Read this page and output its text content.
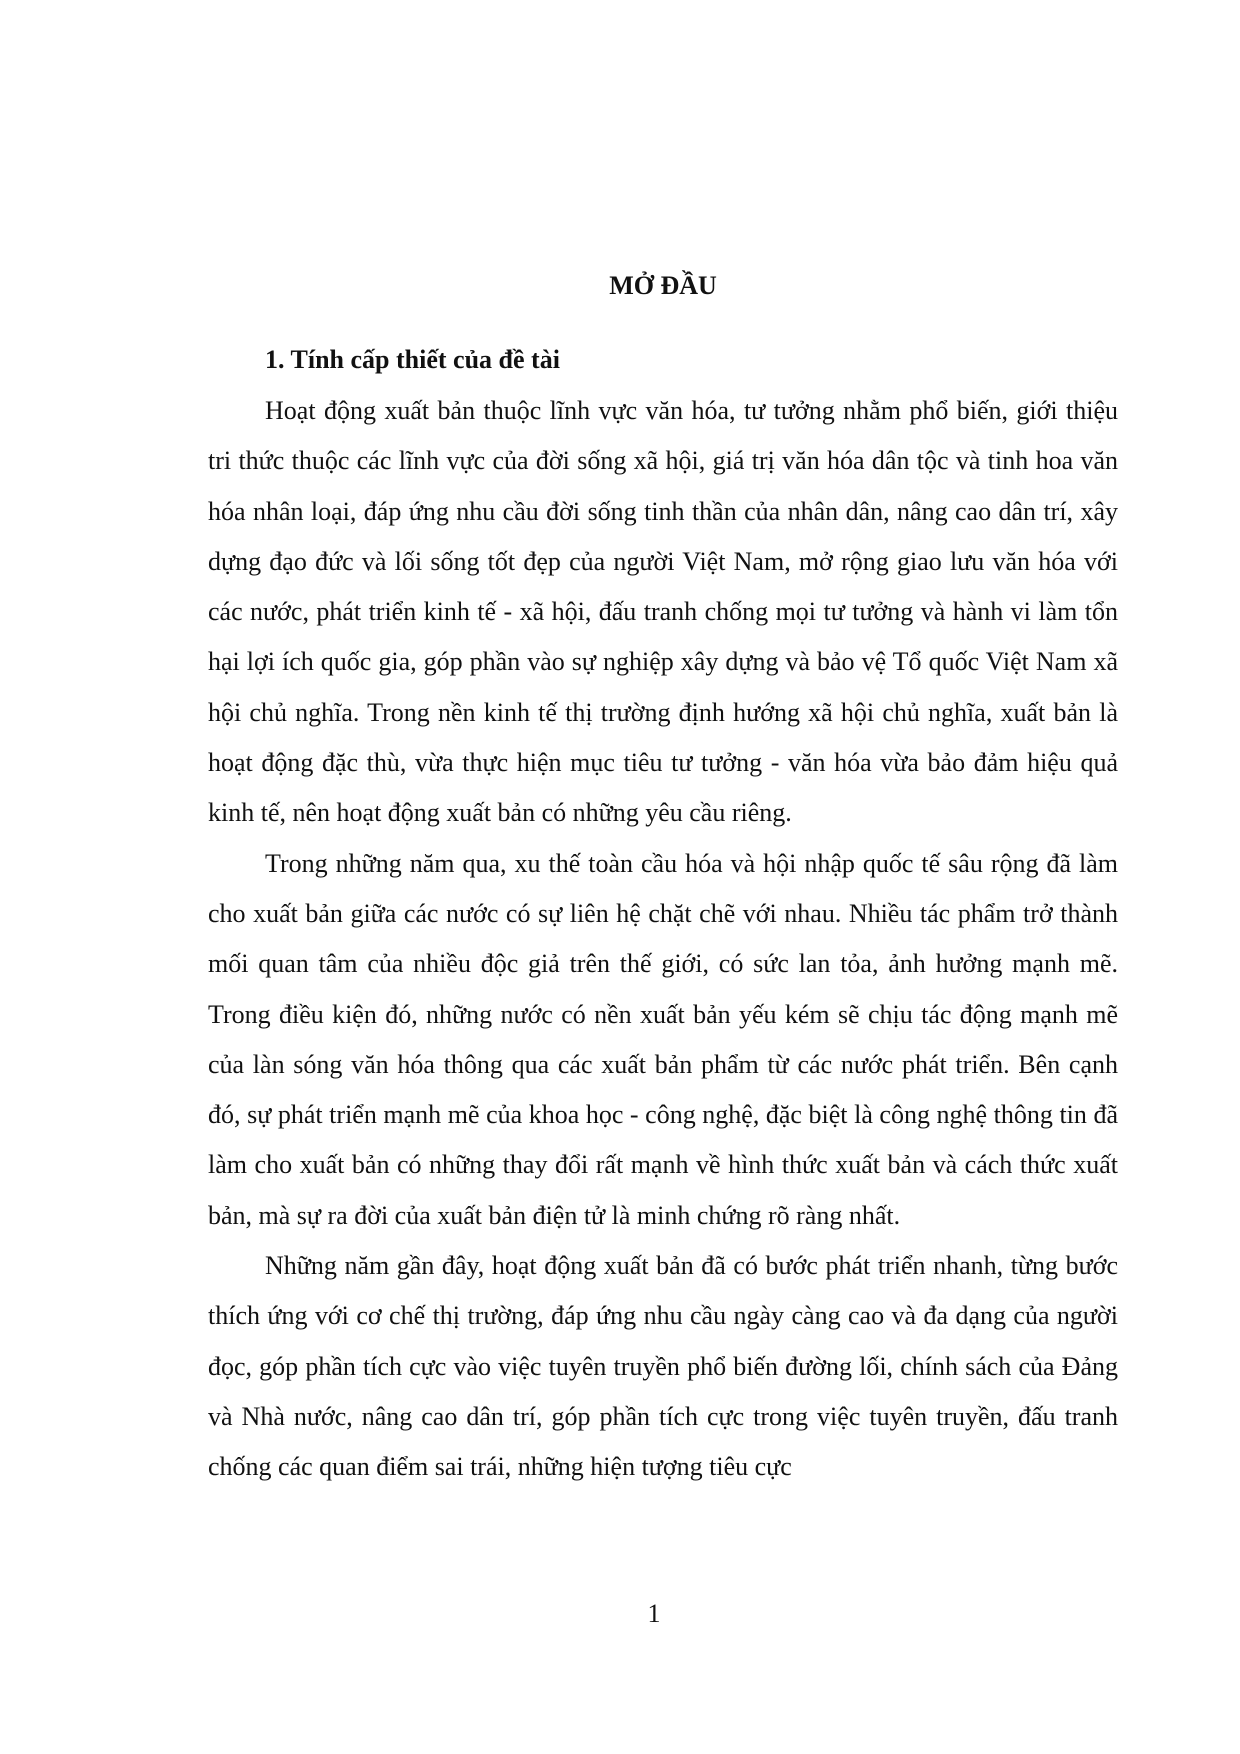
MỞ ĐẦU
1. Tính cấp thiết của đề tài

Hoạt động xuất bản thuộc lĩnh vực văn hóa, tư tưởng nhằm phổ biến, giới thiệu tri thức thuộc các lĩnh vực của đời sống xã hội, giá trị văn hóa dân tộc và tinh hoa văn hóa nhân loại, đáp ứng nhu cầu đời sống tinh thần của nhân dân, nâng cao dân trí, xây dựng đạo đức và lối sống tốt đẹp của người Việt Nam, mở rộng giao lưu văn hóa với các nước, phát triển kinh tế - xã hội, đấu tranh chống mọi tư tưởng và hành vi làm tổn hại lợi ích quốc gia, góp phần vào sự nghiệp xây dựng và bảo vệ Tổ quốc Việt Nam xã hội chủ nghĩa. Trong nền kinh tế thị trường định hướng xã hội chủ nghĩa, xuất bản là hoạt động đặc thù, vừa thực hiện mục tiêu tư tưởng - văn hóa vừa bảo đảm hiệu quả kinh tế, nên hoạt động xuất bản có những yêu cầu riêng.

Trong những năm qua, xu thế toàn cầu hóa và hội nhập quốc tế sâu rộng đã làm cho xuất bản giữa các nước có sự liên hệ chặt chẽ với nhau. Nhiều tác phẩm trở thành mối quan tâm của nhiều độc giả trên thế giới, có sức lan tỏa, ảnh hưởng mạnh mẽ. Trong điều kiện đó, những nước có nền xuất bản yếu kém sẽ chịu tác động mạnh mẽ của làn sóng văn hóa thông qua các xuất bản phẩm từ các nước phát triển. Bên cạnh đó, sự phát triển mạnh mẽ của khoa học - công nghệ, đặc biệt là công nghệ thông tin đã làm cho xuất bản có những thay đổi rất mạnh về hình thức xuất bản và cách thức xuất bản, mà sự ra đời của xuất bản điện tử là minh chứng rõ ràng nhất.

Những năm gần đây, hoạt động xuất bản đã có bước phát triển nhanh, từng bước thích ứng với cơ chế thị trường, đáp ứng nhu cầu ngày càng cao và đa dạng của người đọc, góp phần tích cực vào việc tuyên truyền phổ biến đường lối, chính sách của Đảng và Nhà nước, nâng cao dân trí, góp phần tích cực trong việc tuyên truyền, đấu tranh chống các quan điểm sai trái, những hiện tượng tiêu cực

1
